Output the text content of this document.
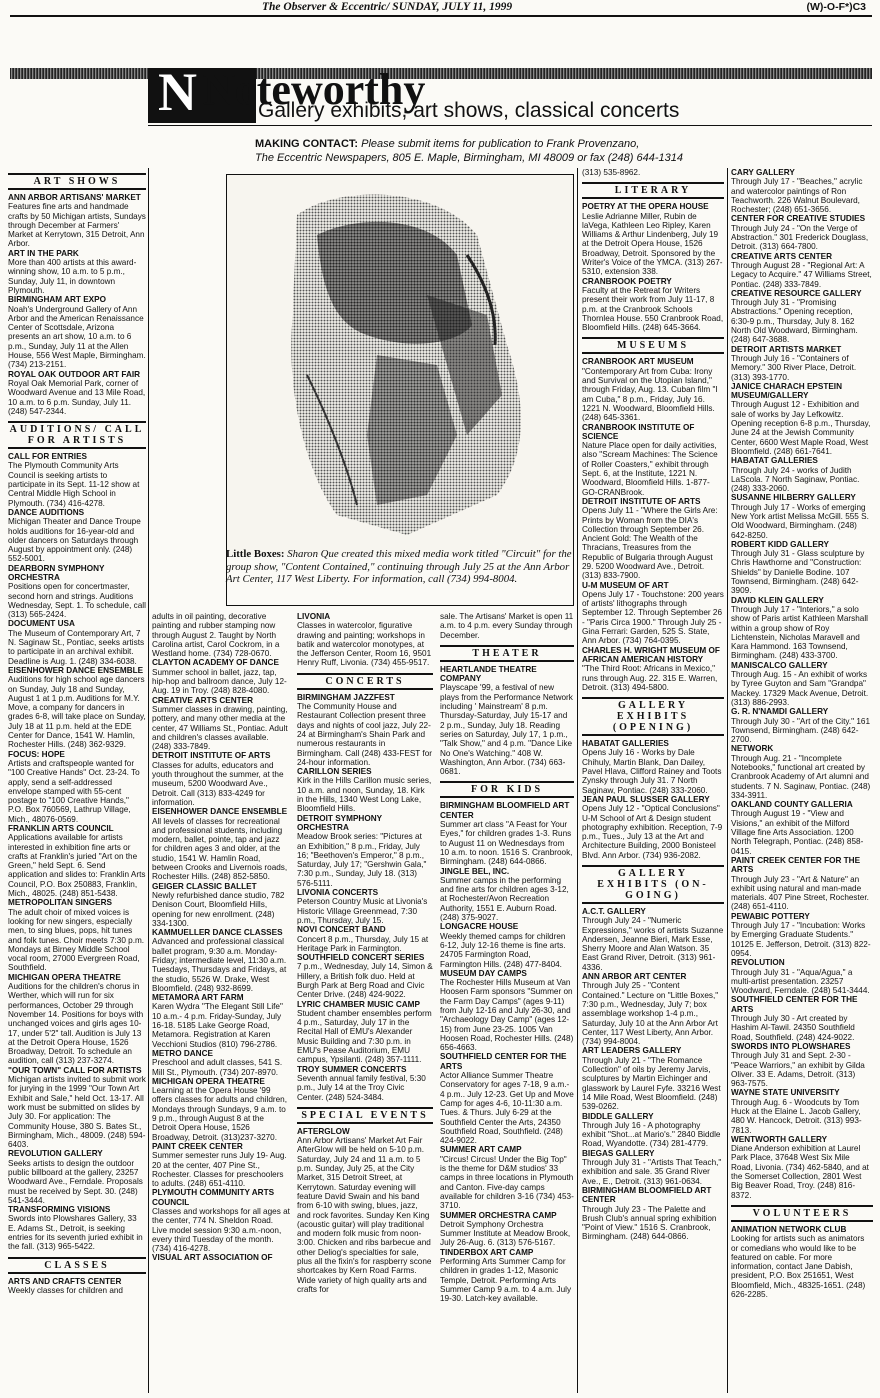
The Observer & Eccentric/ SUNDAY, JULY 11, 1999	(W)-O-F*)C3
N Noteworthy
Gallery exhibits, art shows, classical concerts
MAKING CONTACT: Please submit items for publication to Frank Provenzano,
The Eccentric Newspapers, 805 E. Maple, Birmingham, MI 48009 or fax (248) 644-1314
Little Boxes: Sharon Que created this mixed media work titled "Circuit" for the group show, "Content Contained," continuing through July 25 at the Ann Arbor Art Center, 117 West Liberty. For information, call (734) 994-8004.
ART SHOWS

ANN ARBOR ARTISANS' MARKET
Features fine arts and handmade crafts by 50 Michigan artists, Sundays through December at Farmers' Market at Kerrytown, 315 Detroit, Ann Arbor.

ART IN THE PARK
More than 400 artists at this award-winning show, 10 a.m. to 5 p.m., Sunday, July 11, in downtown Plymouth.

BIRMINGHAM ART EXPO
Noah's Underground Gallery of Ann Arbor and the American Renaissance Center of Scottsdale, Arizona presents an art show, 10 a.m. to 6 p.m., Sunday, July 11 at the Allen House, 556 West Maple, Birmingham. (734) 213-2151.

ROYAL OAK OUTDOOR ART FAIR
Royal Oak Memorial Park, corner of Woodward Avenue and 13 Mile Road, 10 a.m. to 6 p.m. Sunday, July 11. (248) 547-2344.

AUDITIONS/ CALL FOR ARTISTS

CALL FOR ENTRIES
The Plymouth Community Arts Council is seeking artists to participate in its Sept. 11-12 show at Central Middle High School in Plymouth. (734) 416-4278.

DANCE AUDITIONS
Michigan Theater and Dance Troupe holds auditions for 16-year-old and older dancers on Saturdays through August by appointment only. (248) 552-5001.

DEARBORN SYMPHONY ORCHESTRA
Positions open for concertmaster, second horn and strings. Auditions Wednesday, Sept. 1. To schedule, call (313) 565-2424.

DOCUMENT USA
The Museum of Contemporary Art, 7 N. Saginaw St., Pontiac, seeks artists to participate in an archival exhibit. Deadline is Aug. 1. (248) 334-6038.

EISENHOWER DANCE ENSEMBLE
Auditions for high school age dancers on Sunday, July 18 and Sunday, August 1 at 1 p.m. Auditions for M.Y. Move, a company for dancers in grades 6-8, will take place on Sunday, July 18 at 11 p.m. held at the EDE Center for Dance, 1541 W. Hamlin, Rochester Hills. (248) 362-9329.

FOCUS: HOPE
Artists and craftspeople wanted for "100 Creative Hands" Oct. 23-24. To apply, send a self-addressed envelope stamped with 55-cent postage to "100 Creative Hands," P.O. Box 760569, Lathrup Village, Mich., 48076-0569.

FRANKLIN ARTS COUNCIL
Applications available for artists interested in exhibition fine arts or crafts at Franklin's juried "Art on the Green," held Sept. 6. Send application and slides to: Franklin Arts Council, P.O. Box 250883, Franklin, Mich., 48025. (248) 851-5438.

METROPOLITAN SINGERS
The adult choir of mixed voices is looking for new singers, especially men, to sing blues, pops, hit tunes and folk tunes. Choir meets 7:30 p.m. Mondays at Birney Middle School vocal room, 27000 Evergreen Road, Southfield.

MICHIGAN OPERA THEATRE
Auditions for the children's chorus in Werther, which will run for six performances, October 29 through November 14. Positions for boys with unchanged voices and girls ages 10-17, under 5'2" tall. Audition is July 13 at the Detroit Opera House, 1526 Broadway, Detroit. To schedule an audition, call (313) 237-3274.

"OUR TOWN" CALL FOR ARTISTS
Michigan artists invited to submit work for jurying in the 1999 "Our Town Art Exhibit and Sale," held Oct. 13-17. All work must be submitted on slides by July 30. For application: The Community House, 380 S. Bates St., Birmingham, Mich., 48009. (248) 594-6403.

REVOLUTION GALLERY
Seeks artists to design the outdoor public billboard at the gallery, 23257 Woodward Ave., Ferndale. Proposals must be received by Sept. 30. (248) 541-3444.

TRANSFORMING VISIONS
Swords into Plowshares Gallery, 33 E. Adams St., Detroit, is seeking entries for its seventh juried exhibit in the fall. (313) 965-5422.

CLASSES

ARTS AND CRAFTS CENTER
Weekly classes for children and

adults in oil painting, decorative painting and rubber stamping now through August 2. Taught by North Carolina artist, Carol Cockrom, in a Westland home. (734) 728-0670.

CLAYTON ACADEMY OF DANCE
Summer school in ballet, jazz, tap, hip-hop and ballroom dance, July 12- Aug. 19 in Troy. (248) 828-4080.

CREATIVE ARTS CENTER
Summer classes in drawing, painting, pottery, and many other media at the center, 47 Williams St., Pontiac. Adult and children's classes available. (248) 333-7849.

DETROIT INSTITUTE OF ARTS
Classes for adults, educators and youth throughout the summer, at the museum, 5200 Woodward Ave., Detroit. Call (313) 833-4249 for information.

EISENHOWER DANCE ENSEMBLE
All levels of classes for recreational and professional students, including modern, ballet, pointe, tap and jazz for children ages 3 and older, at the studio, 1541 W. Hamlin Road, between Crooks and Livernois roads, Rochester Hills. (248) 852-5850.

GEIGER CLASSIC BALLET
Newly refurbished dance studio, 782 Denison Court, Bloomfield Hills, opening for new enrollment. (248) 334-1300.

KAMMUELLER DANCE CLASSES
Advanced and professional classical ballet program, 9:30 a.m. Monday-Friday; intermediate level, 11:30 a.m. Tuesdays, Thursdays and Fridays, at the studio, 5526 W. Drake, West Bloomfield. (248) 932-8699.

METAMORA ART FARM
Karen Wydra "The Elegant Still Life" 10 a.m.- 4 p.m. Friday-Sunday, July 16-18. 5185 Lake George Road, Metamora. Registration at Karen Vecchioni Studios (810) 796-2786.

METRO DANCE
Preschool and adult classes, 541 S. Mill St., Plymouth. (734) 207-8970.

MICHIGAN OPERA THEATRE
Learning at the Opera House '99 offers classes for adults and children, Mondays through Sundays, 9 a.m. to 9 p.m., through August 8 at the Detroit Opera House, 1526 Broadway, Detroit. (313)237-3270.

PAINT CREEK CENTER
Summer semester runs July 19- Aug. 20 at the center, 407 Pine St., Rochester. Classes for preschoolers to adults. (248) 651-4110.

PLYMOUTH COMMUNITY ARTS COUNCIL
Classes and workshops for all ages at the center, 774 N. Sheldon Road. Live model session 9:30 a.m.-noon, every third Tuesday of the month. (734) 416-4278.

VISUAL ART ASSOCIATION OF

LIVONIA
Classes in watercolor, figurative drawing and painting; workshops in batik and watercolor monotypes, at the Jefferson Center, Room 16, 9501 Henry Ruff, Livonia. (734) 455-9517.

CONCERTS

BIRMINGHAM JAZZFEST
The Community House and Restaurant Collection present three days and nights of cool jazz, July 22-24 at Birmingham's Shain Park and numerous restaurants in Birmingham. Call (248) 433-FEST for 24-hour information.

CARILLON SERIES
Kirk in the Hills Carillon music series, 10 a.m. and noon, Sunday, 18. Kirk in the Hills, 1340 West Long Lake, Bloomfield Hills.

DETROIT SYMPHONY ORCHESTRA
Meadow Brook series: "Pictures at an Exhibition," 8 p.m., Friday, July 16; "Beethoven's Emperor," 8 p.m., Saturday, July 17; "Gershwin Gala," 7:30 p.m., Sunday, July 18. (313) 576-5111.

LIVONIA CONCERTS
Peterson Country Music at Livonia's Historic Village Greenmead, 7:30 p.m., Thursday, July 15.

NOVI CONCERT BAND
Concert 8 p.m., Thursday, July 15 at Heritage Park in Farmington.

SOUTHFIELD CONCERT SERIES
7 p.m., Wednesday, July 14, Simon & Hillery, a British folk duo. Held at Burgh Park at Berg Road and Civic Center Drive. (248) 424-9022.

LYRIC CHAMBER MUSIC CAMP
Student chamber ensembles perform 4 p.m., Saturday, July 17 in the Recital Hall of EMU's Alexander Music Building and 7:30 p.m. in EMU's Pease Auditorium, EMU campus, Ypsilanti. (248) 357-1111.

TROY SUMMER CONCERTS
Seventh annual family festival, 5:30 p.m., July 14 at the Troy Civic Center. (248) 524-3484.

SPECIAL EVENTS

AFTERGLOW
Ann Arbor Artisans' Market Art Fair AfterGlow will be held on 5-10 p.m. Saturday, July 24 and 11 a.m. to 5 p.m. Sunday, July 25, at the City Market, 315 Detroit Street, at Kerrytown. Saturday evening will feature David Swain and his band from 6-10 with swing, blues, jazz, and rock favorites. Sunday Ken King (acoustic guitar) will play traditional and modern folk music from noon-3:00. Chicken and ribs barbecue and other Deliog's specialties for sale, plus all the fixin's for raspberry scone shortcakes by Kern Road Farms. Wide variety of high quality arts and crafts for

sale. The Artisans' Market is open 11 a.m. to 4 p.m. every Sunday through December.

THEATER

HEARTLANDE THEATRE COMPANY
Playscape '99, a festival of new plays from the Performance Network including ' Mainstream' 8 p.m. Thursday-Saturday, July 15-17 and 2 p.m., Sunday, July 18. Reading series on Saturday, July 17, 1 p.m., "Talk Show," and 4 p.m. "Dance Like No One's Watching." 408 W. Washington, Ann Arbor. (734) 663-0681.

FOR KIDS

BIRMINGHAM BLOOMFIELD ART CENTER
Summer art class "A Feast for Your Eyes," for children grades 1-3. Runs to August 11 on Wednesdays from 10 a.m. to noon. 1516 S. Cranbrook, Birmingham. (248) 644-0866.

JINGLE BEL, INC.
Summer camps in the performing and fine arts for children ages 3-12, at Rochester/Avon Recreation Authority, 1551 E. Auburn Road. (248) 375-9027.

LONGACRE HOUSE
Weekly themed camps for children 6-12, July 12-16 theme is fine arts. 24705 Farmington Road, Farmington Hills. (248) 477-8404.

MUSEUM DAY CAMPS
The Rochester Hills Museum at Van Hoosen Farm sponsors "Summer on the Farm Day Camps" (ages 9-11) from July 12-16 and July 26-30, and "Archaeology Day Camp" (ages 12-15) from June 23-25. 1005 Van Hoosen Road, Rochester Hills. (248) 656-4663.

SOUTHFIELD CENTER FOR THE ARTS
Actor Alliance Summer Theatre Conservatory for ages 7-18, 9 a.m.- 4 p.m.. July 12-23. Get Up and Move Camp for ages 4-6, 10-11:30 a.m. Tues. & Thurs. July 6-29 at the Southfield Center the Arts, 24350 Southfield Road, Southfield. (248) 424-9022.

SUMMER ART CAMP
"Circus! Circus! Under the Big Top" is the theme for D&M studios' 33 camps in three locations in Plymouth and Canton. Five-day camps available for children 3-16 (734) 453-3710.

SUMMER ORCHESTRA CAMP
Detroit Symphony Orchestra Summer Institute at Meadow Brook, July 26-Aug. 6. (313) 576-5167.

TINDERBOX ART CAMP
Performing Arts Summer Camp for children in grades 1-12, Masonic Temple, Detroit. Performing Arts Summer Camp 9 a.m. to 4 a.m. July 19-30. Latch-key available.

(313) 535-8962.

LITERARY

POETRY AT THE OPERA HOUSE
Leslie Adrianne Miller, Rubin de laVega, Kathleen Leo Ripley, Karen Williams & Arthur Lindenberg, July 19 at the Detroit Opera House, 1526 Broadway, Detroit. Sponsored by the Writer's Voice of the YMCA. (313) 267-5310, extension 338.

CRANBROOK POETRY
Faculty at the Retreat for Writers present their work from July 11-17, 8 p.m. at the Cranbrook Schools Thornlea House. 550 Cranbrook Road, Bloomfield Hills. (248) 645-3664.

MUSEUMS

CRANBROOK ART MUSEUM
"Contemporary Art from Cuba: Irony and Survival on the Utopian Island," through Friday, Aug. 13. Cuban film "I am Cuba," 8 p.m., Friday, July 16. 1221 N. Woodward, Bloomfield Hills. (248) 645-3361.

CRANBROOK INSTITUTE OF SCIENCE
Nature Place open for daily activities, also "Scream Machines: The Science of Roller Coasters," exhibit through Sept. 6, at the Institute, 1221 N. Woodward, Bloomfield Hills. 1-877-GO-CRANBrook.

DETROIT INSTITUTE OF ARTS
Opens July 11 - "Where the Girls Are: Prints by Woman from the DIA's Collection through September 26. Ancient Gold: The Wealth of the Thracians, Treasures from the Republic of Bulgaria through August 29. 5200 Woodward Ave., Detroit. (313) 833-7900.

U-M MUSEUM OF ART
Opens July 17 - Touchstone: 200 years of artists' lithographs through September 12. Through September 26 - "Paris Circa 1900." Through July 25 - Gina Ferrari: Garden, 525 S. State, Ann Arbor. (734) 764-0395.

CHARLES H. WRIGHT MUSEUM OF AFRICAN AMERICAN HISTORY
"The Third Root: Africans in Mexico," runs through Aug. 22. 315 E. Warren, Detroit. (313) 494-5800.

GALLERY EXHIBITS (OPENING)

HABATAT GALLERIES
Opens July 16 - Works by Dale Chihuly, Martin Blank, Dan Dailey, Pavel Hlava, Clifford Rainey and Toots Zynsky through July 31. 7 North Saginaw, Pontiac. (248) 333-2060.

JEAN PAUL SLUSSER GALLERY
Opens July 12 - "Optical Conclusions" U-M School of Art & Design student photography exhibition. Reception, 7-9 p.m., Tues., July 13 at the Art and Architecture Building, 2000 Bonisteel Blvd. Ann Arbor. (734) 936-2082.

GALLERY EXHIBITS (ON-GOING)

A.C.T. GALLERY
Through July 24 - "Numeric Expressions," works of artists Suzanne Andersen, Jeanne Bieri, Mark Esse, Sherry Moore and Alan Watson. 35 East Grand River, Detroit. (313) 961-4336.

ANN ARBOR ART CENTER
Through July 25 - "Content Contained." Lecture on "Little Boxes," 7:30 p.m., Wednesday, July 7; box assemblage workshop 1-4 p.m., Saturday, July 10 at the Ann Arbor Art Center, 117 West Liberty, Ann Arbor. (734) 994-8004.

ART LEADERS GALLERY
Through July 21 - "The Romance Collection" of oils by Jeremy Jarvis, sculptures by Martin Eichinger and glasswork by Laurel Fyfe. 33216 West 14 Mile Road, West Bloomfield. (248) 539-0262.

BIDDLE GALLERY
Through July 16 - A photography exhibit "Shot...at Mario's." 2840 Biddle Road, Wyandotte. (734) 281-4779.

BIEGAS GALLERY
Through July 31 - "Artists That Teach," exhibition and sale. 35 Grand River Ave., E., Detroit. (313) 961-0634.

BIRMINGHAM BLOOMFIELD ART CENTER
Through July 23 - The Palette and Brush Club's annual spring exhibition "Point of View." 1516 S. Cranbrook, Birmingham. (248) 644-0866.

CARY GALLERY
Through July 17 - "Beaches," acrylic and watercolor paintings of Ron Teachworth. 226 Walnut Boulevard, Rochester; (248) 651-3656.

CENTER FOR CREATIVE STUDIES
Through July 24 - "On the Verge of Abstraction." 301 Frederick Douglass, Detroit. (313) 664-7800.

CREATIVE ARTS CENTER
Through August 28 - "Regional Art: A Legacy to Acquire." 47 Williams Street, Pontiac. (248) 333-7849.

CREATIVE RESOURCE GALLERY
Through July 31 - "Promising Abstractions." Opening reception, 6:30-9 p.m., Thursday, July 8. 162 North Old Woodward, Birmingham. (248) 647-3688.

DETROIT ARTISTS MARKET
Through July 16 - "Containers of Memory." 300 River Place, Detroit. (313) 393-1770.

JANICE CHARACH EPSTEIN MUSEUM/GALLERY
Through August 12 - Exhibition and sale of works by Jay Lefkowitz. Opening reception 6-8 p.m., Thursday, June 24 at the Jewish Community Center, 6600 West Maple Road, West Bloomfield. (248) 661-7641.

HABATAT GALLERIES
Through July 24 - works of Judith LaScola. 7 North Saginaw, Pontiac. (248) 333-2060.

SUSANNE HILBERRY GALLERY
Through July 17 - Works of emerging New York artist Melissa McGill. 555 S. Old Woodward, Birmingham. (248) 642-8250.

ROBERT KIDD GALLERY
Through July 31 - Glass sculpture by Chris Hawthorne and "Construction: Shields" by Danielle Bodine. 107 Townsend, Birmingham. (248) 642-3909.

DAVID KLEIN GALLERY
Through July 17 - "Interiors," a solo show of Paris artist Kathleen Marshall within a group show of Roy Lichtenstein, Nicholas Maravell and Kara Hammond. 163 Townsend, Birmingham. (248) 433-3700.

MANISCALCO GALLERY
Through Aug. 15 - An exhibit of works by Tyree Guyton and Sam "Grandpa" Mackey. 17329 Mack Avenue, Detroit. (313) 886-2993.

G. R. N'NAMDI GALLERY
Through July 30 - "Art of the City." 161 Townsend, Birmingham. (248) 642-2700.

NETWORK
Through Aug. 21 - "Incomplete Notebooks," functional art created by Cranbrook Academy of Art alumni and students. 7 N. Saginaw, Pontiac. (248) 334-3911.

OAKLAND COUNTY GALLERIA
Through August 19 - "View and Visions," an exhibit of the Milford Village fine Arts Association. 1200 North Telegraph, Pontiac. (248) 858-0415.

PAINT CREEK CENTER FOR THE ARTS
Through July 23 - "Art & Nature" an exhibit using natural and man-made materials. 407 Pine Street, Rochester. (248) 651-4110.

PEWABIC POTTERY
Through July 17 - "Incubation: Works by Emerging Graduate Students." 10125 E. Jefferson, Detroit. (313) 822-0954.

REVOLUTION
Through July 31 - "Aqua/Agua," a multi-artist presentation. 23257 Woodward, Ferndale. (248) 541-3444.

SOUTHFIELD CENTER FOR THE ARTS
Through July 30 - Art created by Hashim Al-Tawil. 24350 Southfield Road, Southfield. (248) 424-9022.

SWORDS INTO PLOWSHARES
Through July 31 and Sept. 2-30 - "Peace Warriors," an exhibit by Gilda Oliver. 33 E. Adams, Detroit. (313) 963-7575.

WAYNE STATE UNIVERSITY
Through Aug. 6 - Woodcuts by Tom Huck at the Elaine L. Jacob Gallery, 480 W. Hancock, Detroit. (313) 993-7813.

WENTWORTH GALLERY
Diane Anderson exhibition at Laurel Park Place, 37648 West Six Mile Road, Livonia. (734) 462-5840, and at the Somerset Collection, 2801 West Big Beaver Road, Troy. (248) 816-8372.

VOLUNTEERS

ANIMATION NETWORK CLUB
Looking for artists such as animators or comedians who would like to be featured on cable. For more information, contact Jane Dabish, president, P.O. Box 251651, West Bloomfield, Mich., 48325-1651. (248) 626-2285.
